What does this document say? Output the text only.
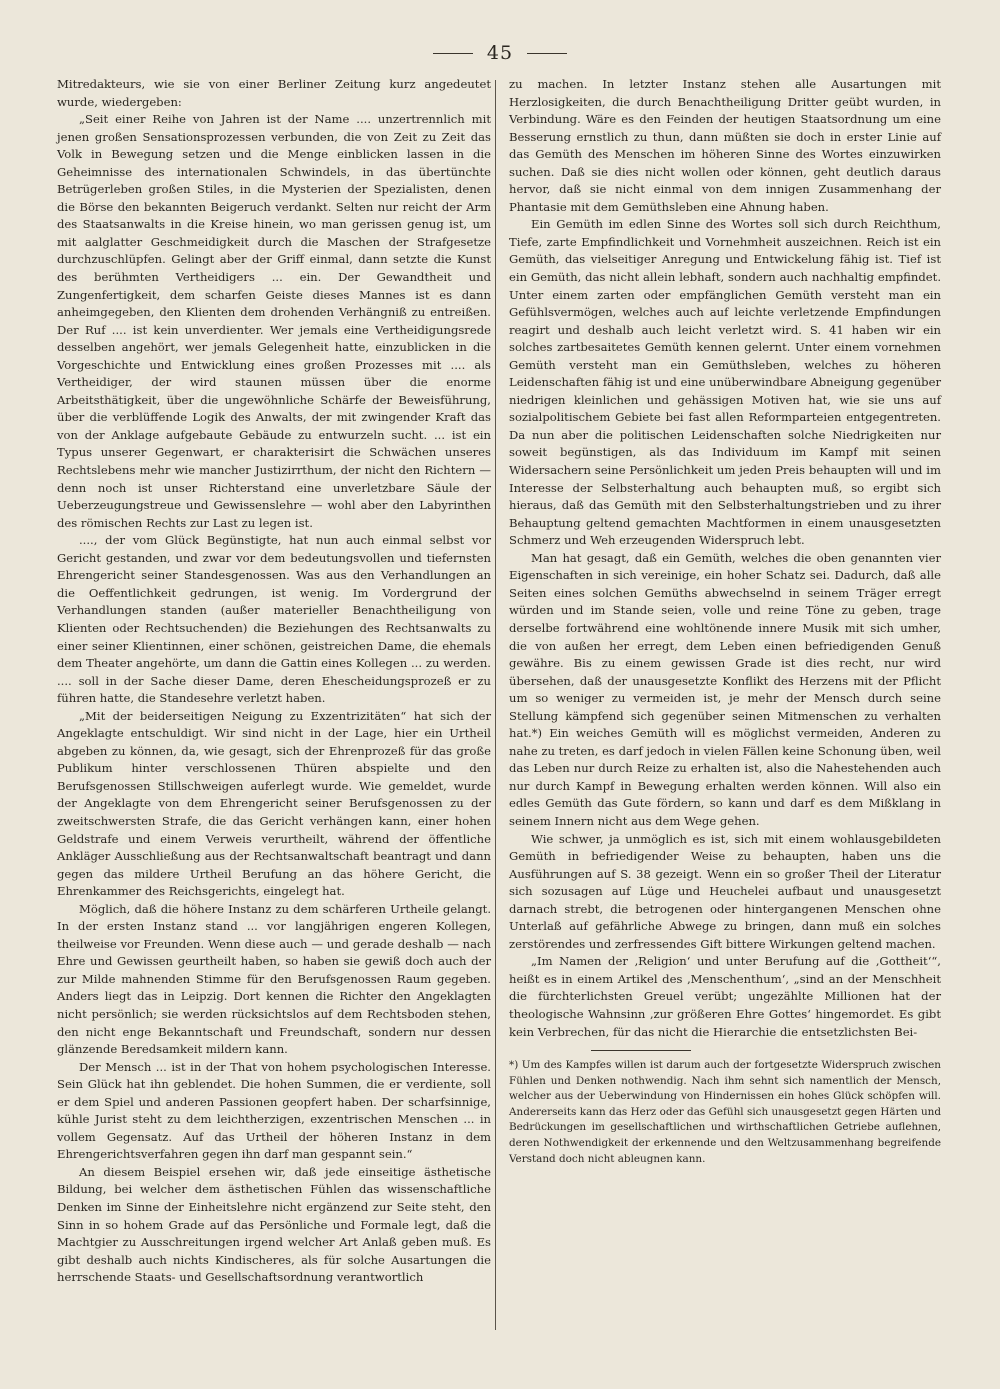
45

Mitredakteurs, wie sie von einer Berliner Zeitung kurz angedeutet wurde, wiedergeben:

„Seit einer Reihe von Jahren ist der Name .... unzertrennlich mit jenen großen Sensationsprozessen verbunden, die von Zeit zu Zeit das Volk in Bewegung setzen und die Menge einblicken lassen in die Geheimnisse des internationalen Schwindels, in das übertünchte Betrügerleben großen Stiles, in die Mysterien der Spezialisten, denen die Börse den bekannten Beigeruch verdankt. Selten nur reicht der Arm des Staatsanwalts in die Kreise hinein, wo man gerissen genug ist, um mit aalglatter Geschmeidigkeit durch die Maschen der Strafgesetze durchzuschlüpfen. Gelingt aber der Griff einmal, dann setzte die Kunst des berühmten Vertheidigers ... ein. Der Gewandtheit und Zungenfertigkeit, dem scharfen Geiste dieses Mannes ist es dann anheimgegeben, den Klienten dem drohenden Verhängniß zu entreißen. Der Ruf .... ist kein unverdienter. Wer jemals eine Vertheidigungsrede desselben angehört, wer jemals Gelegenheit hatte, einzublicken in die Vorgeschichte und Entwicklung eines großen Prozesses mit .... als Vertheidiger, der wird staunen müssen über die enorme Arbeitsthätigkeit, über die ungewöhnliche Schärfe der Beweisführung, über die verblüffende Logik des Anwalts, der mit zwingender Kraft das von der Anklage aufgebaute Gebäude zu entwurzeln sucht. ... ist ein Typus unserer Gegenwart, er charakterisirt die Schwächen unseres Rechtslebens mehr wie mancher Justizirrthum, der nicht den Richtern — denn noch ist unser Richterstand eine unverletzbare Säule der Ueberzeugungstreue und Gewissenslehre — wohl aber den Labyrinthen des römischen Rechts zur Last zu legen ist.

...., der vom Glück Begünstigte, hat nun auch einmal selbst vor Gericht gestanden, und zwar vor dem bedeutungsvollen und tiefernsten Ehrengericht seiner Standesgenossen. Was aus den Verhandlungen an die Oeffentlichkeit gedrungen, ist wenig. Im Vordergrund der Verhandlungen standen (außer materieller Benachtheiligung von Klienten oder Rechtsuchenden) die Beziehungen des Rechtsanwalts zu einer seiner Klientinnen, einer schönen, geistreichen Dame, die ehemals dem Theater angehörte, um dann die Gattin eines Kollegen ... zu werden. .... soll in der Sache dieser Dame, deren Ehescheidungsprozeß er zu führen hatte, die Standesehre verletzt haben.

„Mit der beiderseitigen Neigung zu Exzentrizitäten“ hat sich der Angeklagte entschuldigt. Wir sind nicht in der Lage, hier ein Urtheil abgeben zu können, da, wie gesagt, sich der Ehrenprozeß für das große Publikum hinter verschlossenen Thüren abspielte und den Berufsgenossen Stillschweigen auferlegt wurde. Wie gemeldet, wurde der Angeklagte von dem Ehrengericht seiner Berufsgenossen zu der zweitschwersten Strafe, die das Gericht verhängen kann, einer hohen Geldstrafe und einem Verweis verurtheilt, während der öffentliche Ankläger Ausschließung aus der Rechtsanwaltschaft beantragt und dann gegen das mildere Urtheil Berufung an das höhere Gericht, die Ehrenkammer des Reichsgerichts, eingelegt hat.

Möglich, daß die höhere Instanz zu dem schärferen Urtheile gelangt. In der ersten Instanz stand ... vor langjährigen engeren Kollegen, theilweise vor Freunden. Wenn diese auch — und gerade deshalb — nach Ehre und Gewissen geurtheilt haben, so haben sie gewiß doch auch der zur Milde mahnenden Stimme für den Berufsgenossen Raum gegeben. Anders liegt das in Leipzig. Dort kennen die Richter den Angeklagten nicht persönlich; sie werden rücksichtslos auf dem Rechtsboden stehen, den nicht enge Bekanntschaft und Freundschaft, sondern nur dessen glänzende Beredsamkeit mildern kann.

Der Mensch ... ist in der That von hohem psychologischen Interesse. Sein Glück hat ihn geblendet. Die hohen Summen, die er verdiente, soll er dem Spiel und anderen Passionen geopfert haben. Der scharfsinnige, kühle Jurist steht zu dem leichtherzigen, exzentrischen Menschen ... in vollem Gegensatz. Auf das Urtheil der höheren Instanz in dem Ehrengerichtsverfahren gegen ihn darf man gespannt sein.“

An diesem Beispiel ersehen wir, daß jede einseitige ästhetische Bildung, bei welcher dem ästhetischen Fühlen das wissenschaftliche Denken im Sinne der Einheitslehre nicht ergänzend zur Seite steht, den Sinn in so hohem Grade auf das Persönliche und Formale legt, daß die Machtgier zu Ausschreitungen irgend welcher Art Anlaß geben muß. Es gibt deshalb auch nichts Kindischeres, als für solche Ausartungen die herrschende Staats- und Gesellschaftsordnung verantwortlich

zu machen. In letzter Instanz stehen alle Ausartungen mit Herzlosigkeiten, die durch Benachtheiligung Dritter geübt wurden, in Verbindung. Wäre es den Feinden der heutigen Staatsordnung um eine Besserung ernstlich zu thun, dann müßten sie doch in erster Linie auf das Gemüth des Menschen im höheren Sinne des Wortes einzuwirken suchen. Daß sie dies nicht wollen oder können, geht deutlich daraus hervor, daß sie nicht einmal von dem innigen Zusammenhang der Phantasie mit dem Gemüthsleben eine Ahnung haben.

Ein Gemüth im edlen Sinne des Wortes soll sich durch Reichthum, Tiefe, zarte Empfindlichkeit und Vornehmheit auszeichnen. Reich ist ein Gemüth, das vielseitiger Anregung und Entwickelung fähig ist. Tief ist ein Gemüth, das nicht allein lebhaft, sondern auch nachhaltig empfindet. Unter einem zarten oder empfänglichen Gemüth versteht man ein Gefühlsvermögen, welches auch auf leichte verletzende Empfindungen reagirt und deshalb auch leicht verletzt wird. S. 41 haben wir ein solches zartbesaitetes Gemüth kennen gelernt. Unter einem vornehmen Gemüth versteht man ein Gemüthsleben, welches zu höheren Leidenschaften fähig ist und eine unüberwindbare Abneigung gegenüber niedrigen kleinlichen und gehässigen Motiven hat, wie sie uns auf sozialpolitischem Gebiete bei fast allen Reformparteien entgegentreten. Da nun aber die politischen Leidenschaften solche Niedrigkeiten nur soweit begünstigen, als das Individuum im Kampf mit seinen Widersachern seine Persönlichkeit um jeden Preis behaupten will und im Interesse der Selbsterhaltung auch behaupten muß, so ergibt sich hieraus, daß das Gemüth mit den Selbsterhaltungstrieben und zu ihrer Behauptung geltend gemachten Machtformen in einem unausgesetzten Schmerz und Weh erzeugenden Widerspruch lebt.

Man hat gesagt, daß ein Gemüth, welches die oben genannten vier Eigenschaften in sich vereinige, ein hoher Schatz sei. Dadurch, daß alle Seiten eines solchen Gemüths abwechselnd in seinem Träger erregt würden und im Stande seien, volle und reine Töne zu geben, trage derselbe fortwährend eine wohltönende innere Musik mit sich umher, die von außen her erregt, dem Leben einen befriedigenden Genuß gewähre. Bis zu einem gewissen Grade ist dies recht, nur wird übersehen, daß der unausgesetzte Konflikt des Herzens mit der Pflicht um so weniger zu vermeiden ist, je mehr der Mensch durch seine Stellung kämpfend sich gegenüber seinen Mitmenschen zu verhalten hat.*) Ein weiches Gemüth will es möglichst vermeiden, Anderen zu nahe zu treten, es darf jedoch in vielen Fällen keine Schonung üben, weil das Leben nur durch Reize zu erhalten ist, also die Nahestehenden auch nur durch Kampf in Bewegung erhalten werden können. Will also ein edles Gemüth das Gute fördern, so kann und darf es dem Mißklang in seinem Innern nicht aus dem Wege gehen.

Wie schwer, ja unmöglich es ist, sich mit einem wohlausgebildeten Gemüth in befriedigender Weise zu behaupten, haben uns die Ausführungen auf S. 38 gezeigt. Wenn ein so großer Theil der Literatur sich sozusagen auf Lüge und Heuchelei aufbaut und unausgesetzt darnach strebt, die betrogenen oder hintergangenen Menschen ohne Unterlaß auf gefährliche Abwege zu bringen, dann muß ein solches zerstörendes und zerfressendes Gift bittere Wirkungen geltend machen.

„Im Namen der ‚Religion‘ und unter Berufung auf die ‚Gottheit‘“, heißt es in einem Artikel des ‚Menschenthum‘, „sind an der Menschheit die fürchterlichsten Greuel verübt; ungezählte Millionen hat der theologische Wahnsinn ‚zur größeren Ehre Gottes‘ hingemordet. Es gibt kein Verbrechen, für das nicht die Hierarchie die entsetzlichsten Bei-

*) Um des Kampfes willen ist darum auch der fortgesetzte Widerspruch zwischen Fühlen und Denken nothwendig. Nach ihm sehnt sich namentlich der Mensch, welcher aus der Ueberwindung von Hindernissen ein hohes Glück schöpfen will. Andererseits kann das Herz oder das Gefühl sich unausgesetzt gegen Härten und Bedrückungen im gesellschaftlichen und wirthschaftlichen Getriebe auflehnen, deren Nothwendigkeit der erkennende und den Weltzusammenhang begreifende Verstand doch nicht ableugnen kann.
